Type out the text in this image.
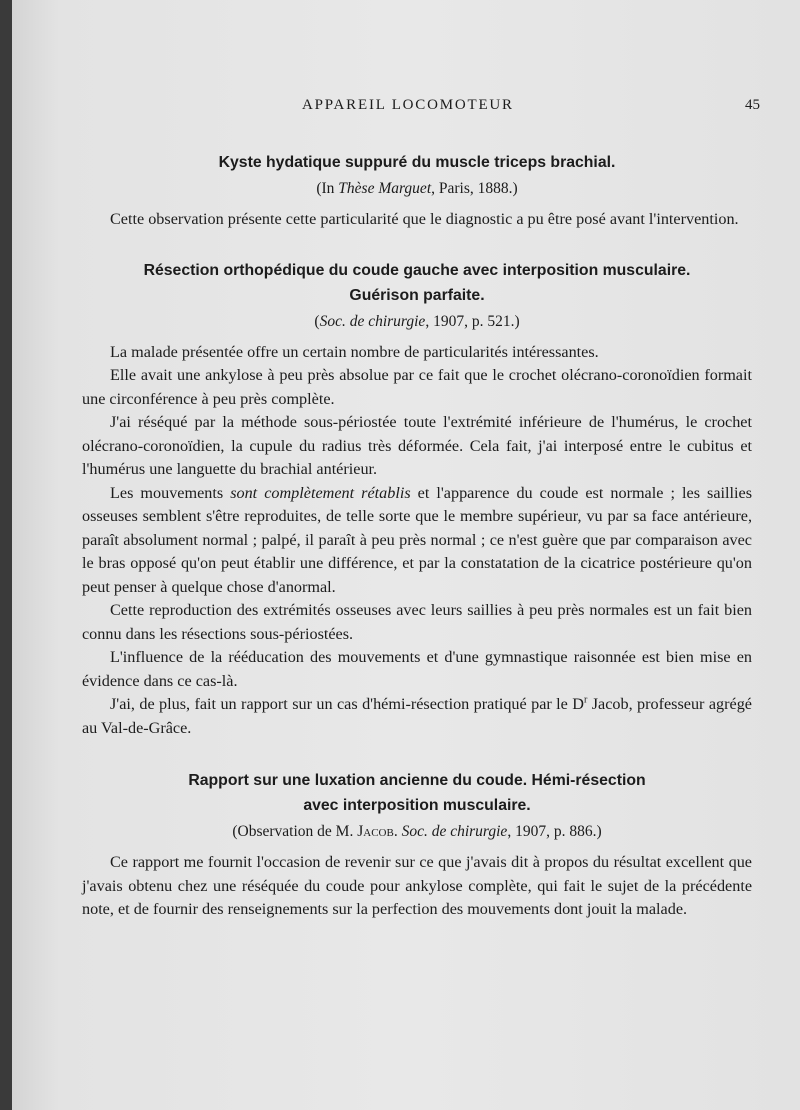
APPAREIL LOCOMOTEUR	45
Kyste hydatique suppuré du muscle triceps brachial.
(In Thèse Marguet, Paris, 1888.)

Cette observation présente cette particularité que le diagnostic a pu être posé avant l'intervention.

Résection orthopédique du coude gauche avec interposition musculaire.
Guérison parfaite.
(Soc. de chirurgie, 1907, p. 521.)

La malade présentée offre un certain nombre de particularités intéressantes.

Elle avait une ankylose à peu près absolue par ce fait que le crochet olécrano-coronoïdien formait une circonférence à peu près complète.

J'ai réséqué par la méthode sous-périostée toute l'extrémité inférieure de l'humérus, le crochet olécrano-coronoïdien, la cupule du radius très déformée. Cela fait, j'ai interposé entre le cubitus et l'humérus une languette du brachial antérieur.

Les mouvements sont complètement rétablis et l'apparence du coude est normale ; les saillies osseuses semblent s'être reproduites, de telle sorte que le membre supérieur, vu par sa face antérieure, paraît absolument normal ; palpé, il paraît à peu près normal ; ce n'est guère que par comparaison avec le bras opposé qu'on peut établir une différence, et par la constatation de la cicatrice postérieure qu'on peut penser à quelque chose d'anormal.

Cette reproduction des extrémités osseuses avec leurs saillies à peu près normales est un fait bien connu dans les résections sous-périostées.

L'influence de la rééducation des mouvements et d'une gymnastique raisonnée est bien mise en évidence dans ce cas-là.

J'ai, de plus, fait un rapport sur un cas d'hémi-résection pratiqué par le $D^r$ Jacob, professeur agrégé au Val-de-Grâce.

Rapport sur une luxation ancienne du coude. Hémi-résection
avec interposition musculaire.
(Observation de M. Jacob. Soc. de chirurgie, 1907, p. 886.)

Ce rapport me fournit l'occasion de revenir sur ce que j'avais dit à propos du résultat excellent que j'avais obtenu chez une réséquée du coude pour ankylose complète, qui fait le sujet de la précédente note, et de fournir des renseignements sur la perfection des mouvements dont jouit la malade.
